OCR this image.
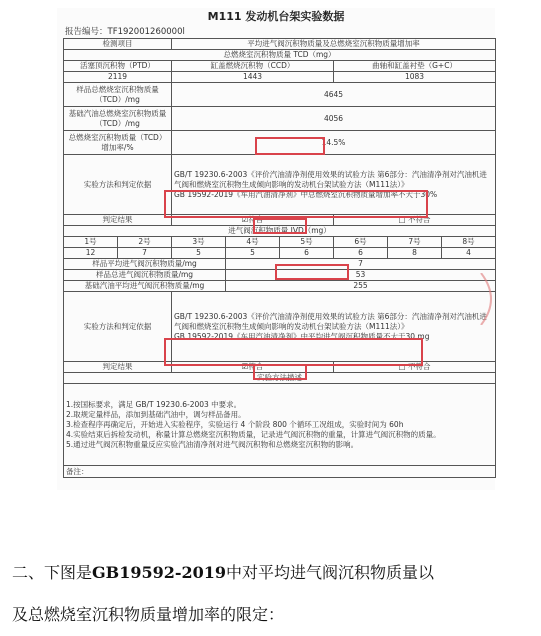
M111 发动机台架实验数据
报告编号：TF192001260000l
检测项目		平均进气阀沉积物质量及总燃烧室沉积物质量增加率					
总燃烧室沉积物质量 TCD（mg）							
活塞顶沉积物（PTD）		缸盖燃烧沉积物（CCD）			曲轴和缸盖衬垫（G+C）		
2119		1443			1083		
样品总燃烧室沉积物质量（TCD）/mg		4645					
基础汽油总燃烧室沉积物质量（TCD）/mg		4056					
总燃烧室沉积物质量（TCD）增加率/%		14.5%					
实验方法和判定依据		GB/T 19230.6-2003《评价汽油清净剂使用效果的试验方法 第6部分：汽油清净剂对汽油机进气阀和燃烧室沉积物生成倾向影响的发动机台架试验方法（M111法）》
GB 19592-2019《车用汽油清净剂》中总燃烧室沉积物质量增加率不大于30%					
判定结果		☑符合			□ 不符合		
进气阀沉积物质量 IVD（mg）							
1号	2号	3号	4号	5号	6号	7号	8号
12	7	5	5	6	6	8	4
样品平均进气阀沉积物质量/mg			7				
样品总进气阀沉积物质量/mg			53				
基础汽油平均进气阀沉积物质量/mg			255				
实验方法和判定依据		GB/T 19230.6-2003《评价汽油清净剂使用效果的试验方法 第6部分：汽油清净剂对汽油机进气阀和燃烧室沉积物生成倾向影响的发动机台架试验方法（M111法）》
GB 19592-2019《车用汽油清净剂》中平均进气阀沉积物质量不大于30 mg					
判定结果		☑符合			□ 不符合		
实验方法描述							
1.按国标要求，满足 GB/T 19230.6-2003 中要求。
2.取规定量样品，添加到基础汽油中，调匀样品备用。
3.检查程序再确定后，开始进入实验程序，实验运行 4 个阶段 800 个循环工况组成，实验时间为 60h
4.实验结束后拆检发动机，称量计算总燃烧室沉积物质量，记录进气阀沉积物的重量，计算进气阀沉积物的质量。
5.通过进气阀沉积物重量反应实验汽油清净剂对进气阀沉积物和总燃烧室沉积物的影响。							
备注：							
二、下图是GB19592-2019中对平均进气阀沉积物质量以
及总燃烧室沉积物质量增加率的限定：
